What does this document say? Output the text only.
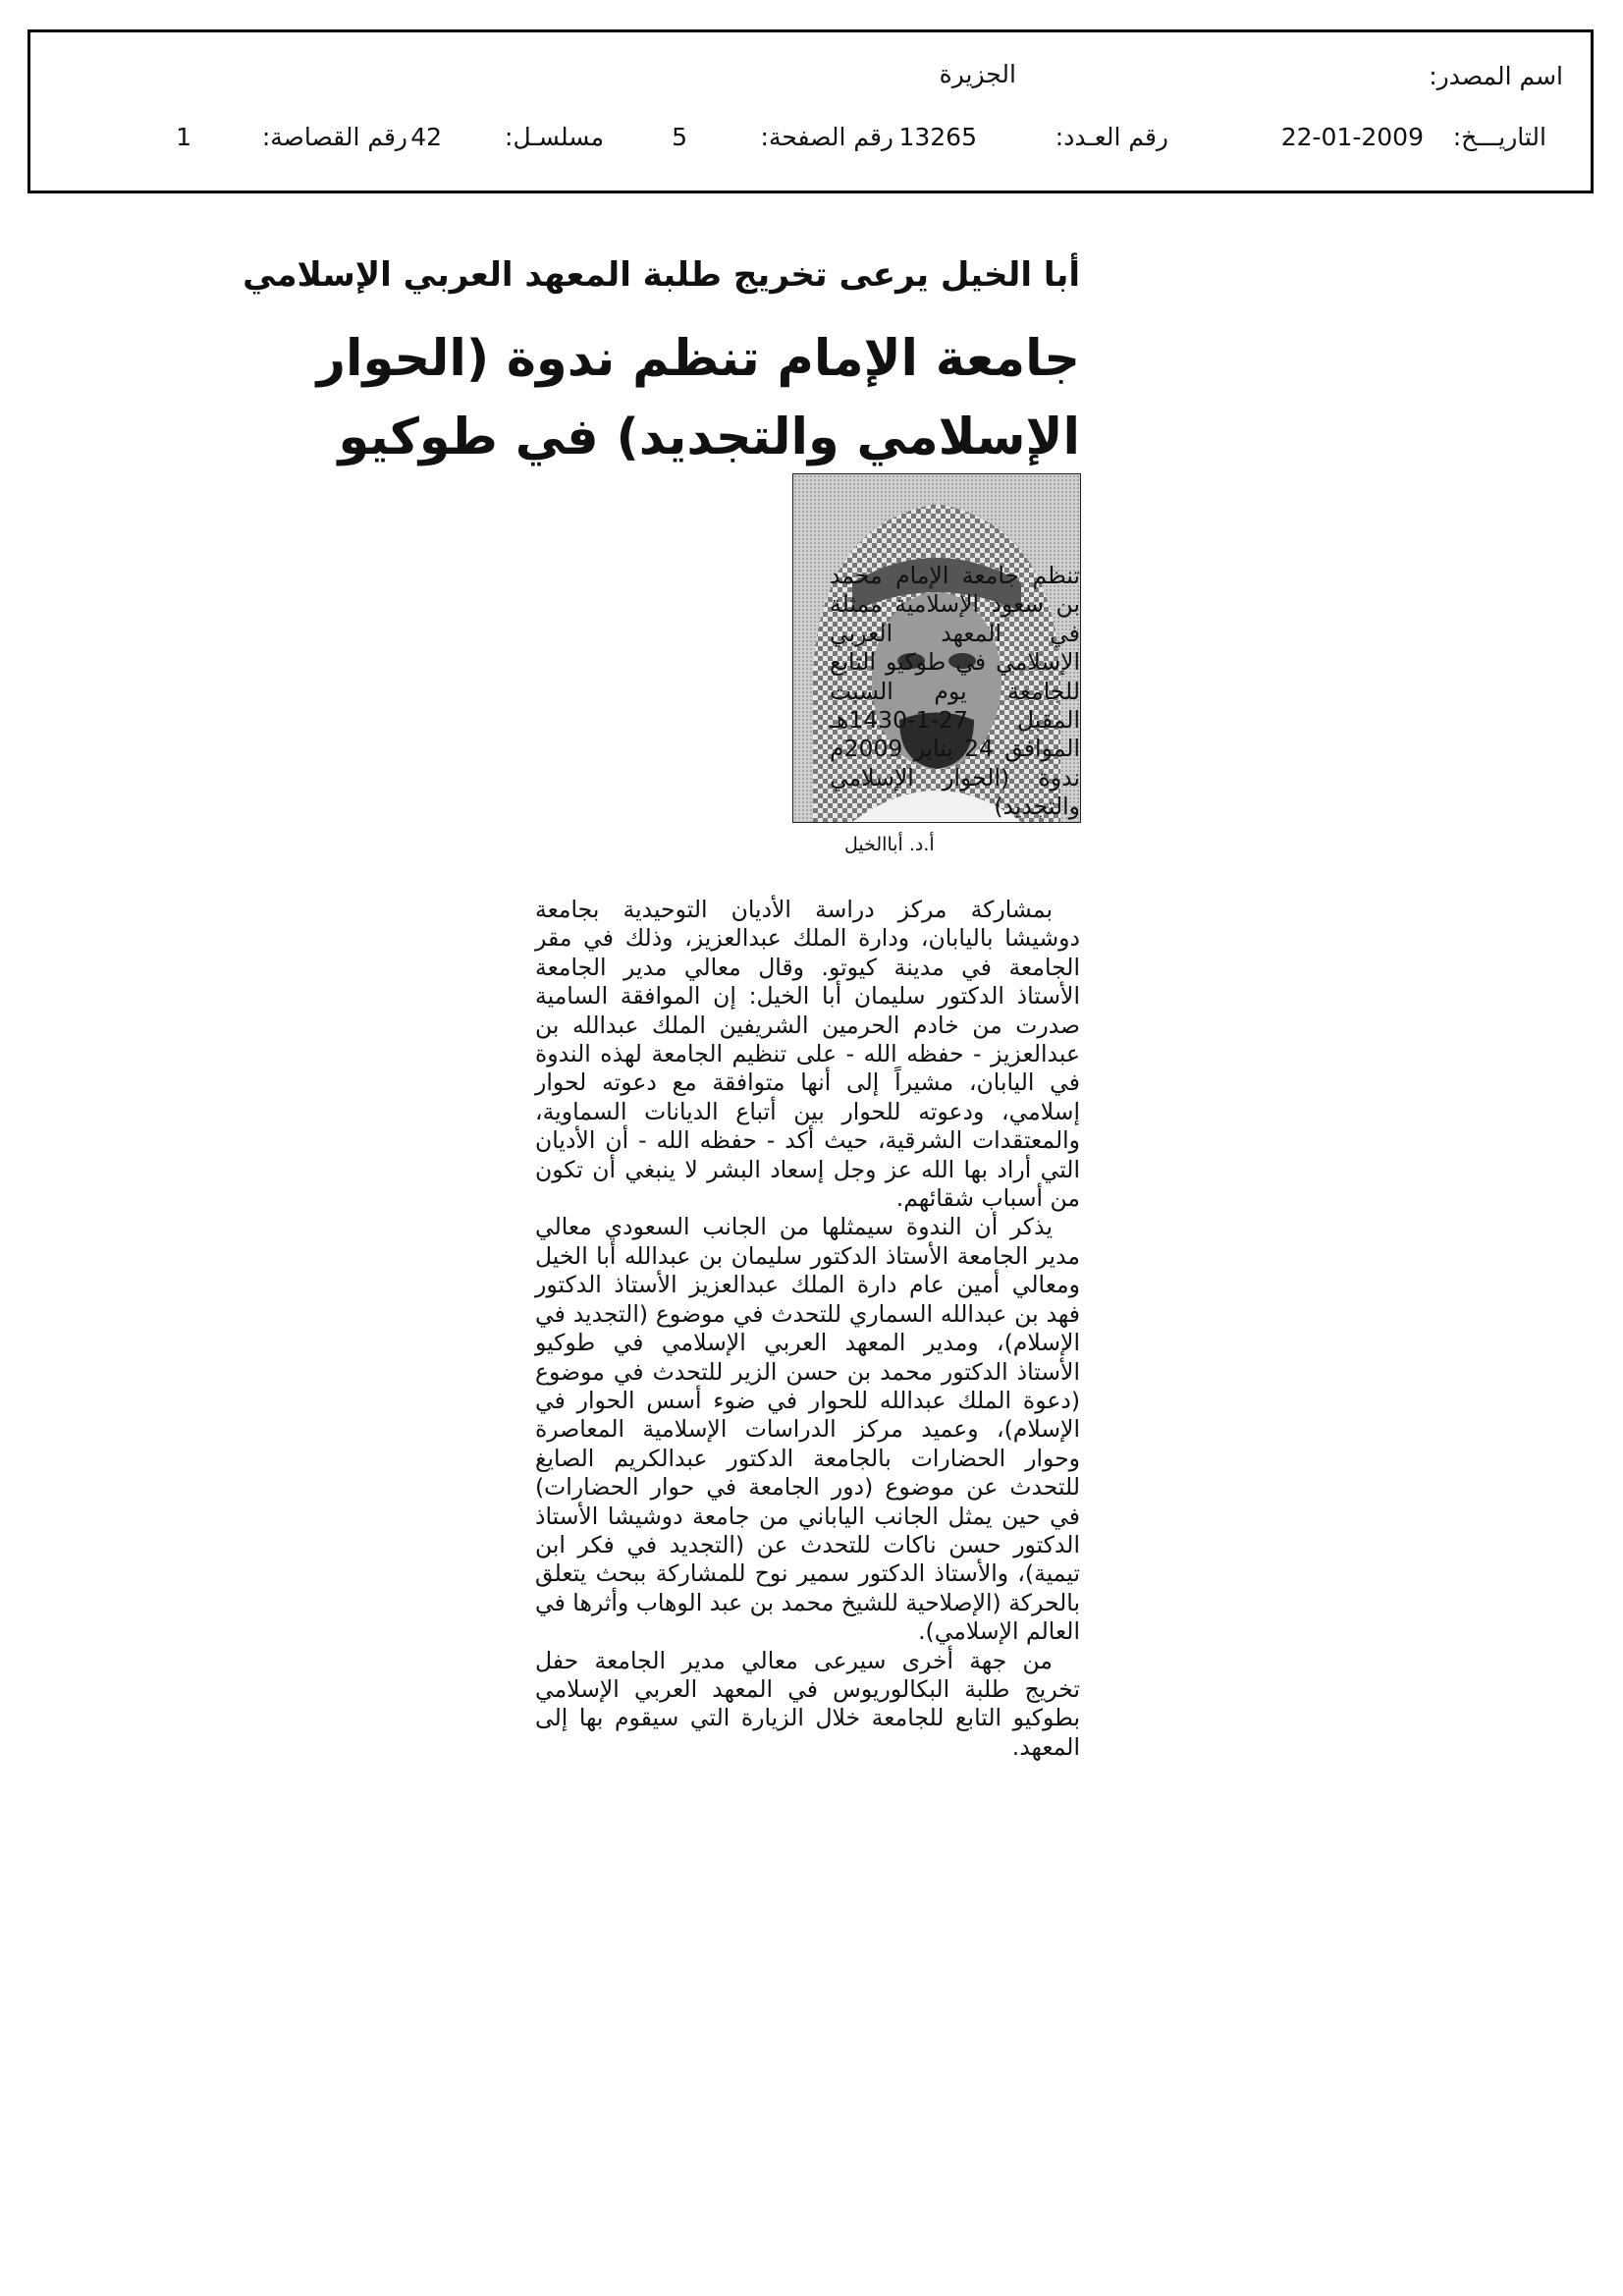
اسم المصدر:
الجزيرة
التاريـــخ:
22-01-2009
رقم العـدد:
13265
رقم الصفحة:
5
مسلسـل:
42
رقم القصاصة:
1
أبا الخيل يرعى تخريج طلبة المعهد العربي الإسلامي
جامعة الإمام تنظم ندوة (الحوار
الإسلامي والتجديد) في طوكيو
أ.د. أباالخيل
تنظم جامعة الإمام محمد بن سعود الإسلامية ممثلة في المعهد العربي الإسلامي في طوكيو التابع للجامعة يوم السبت المقبل 27-1-1430هـ الموافق 24 يناير 2009م ندوة (الحوار الإسلامي والتجديد)

بمشاركة مركز دراسة الأديان التوحيدية بجامعة دوشيشا باليابان، ودارة الملك عبدالعزيز، وذلك في مقر الجامعة في مدينة كيوتو. وقال معالي مدير الجامعة الأستاذ الدكتور سليمان أبا الخيل: إن الموافقة السامية صدرت من خادم الحرمين الشريفين الملك عبدالله بن عبدالعزيز - حفظه الله - على تنظيم الجامعة لهذه الندوة في اليابان، مشيراً إلى أنها متوافقة مع دعوته لحوار إسلامي، ودعوته للحوار بين أتباع الديانات السماوية، والمعتقدات الشرقية، حيث أكد - حفظه الله - أن الأديان التي أراد بها الله عز وجل إسعاد البشر لا ينبغي أن تكون من أسباب شقائهم.

يذكر أن الندوة سيمثلها من الجانب السعودي معالي مدير الجامعة الأستاذ الدكتور سليمان بن عبدالله أبا الخيل ومعالي أمين عام دارة الملك عبدالعزيز الأستاذ الدكتور فهد بن عبدالله السماري للتحدث في موضوع (التجديد في الإسلام)، ومدير المعهد العربي الإسلامي في طوكيو الأستاذ الدكتور محمد بن حسن الزير للتحدث في موضوع (دعوة الملك عبدالله للحوار في ضوء أسس الحوار في الإسلام)، وعميد مركز الدراسات الإسلامية المعاصرة وحوار الحضارات بالجامعة الدكتور عبدالكريم الصايغ للتحدث عن موضوع (دور الجامعة في حوار الحضارات) في حين يمثل الجانب الياباني من جامعة دوشيشا الأستاذ الدكتور حسن ناكات للتحدث عن (التجديد في فكر ابن تيمية)، والأستاذ الدكتور سمير نوح للمشاركة ببحث يتعلق بالحركة (الإصلاحية للشيخ محمد بن عبد الوهاب وأثرها في العالم الإسلامي).

من جهة أخرى سيرعى معالي مدير الجامعة حفل تخريج طلبة البكالوريوس في المعهد العربي الإسلامي بطوكيو التابع للجامعة خلال الزيارة التي سيقوم بها إلى المعهد.
